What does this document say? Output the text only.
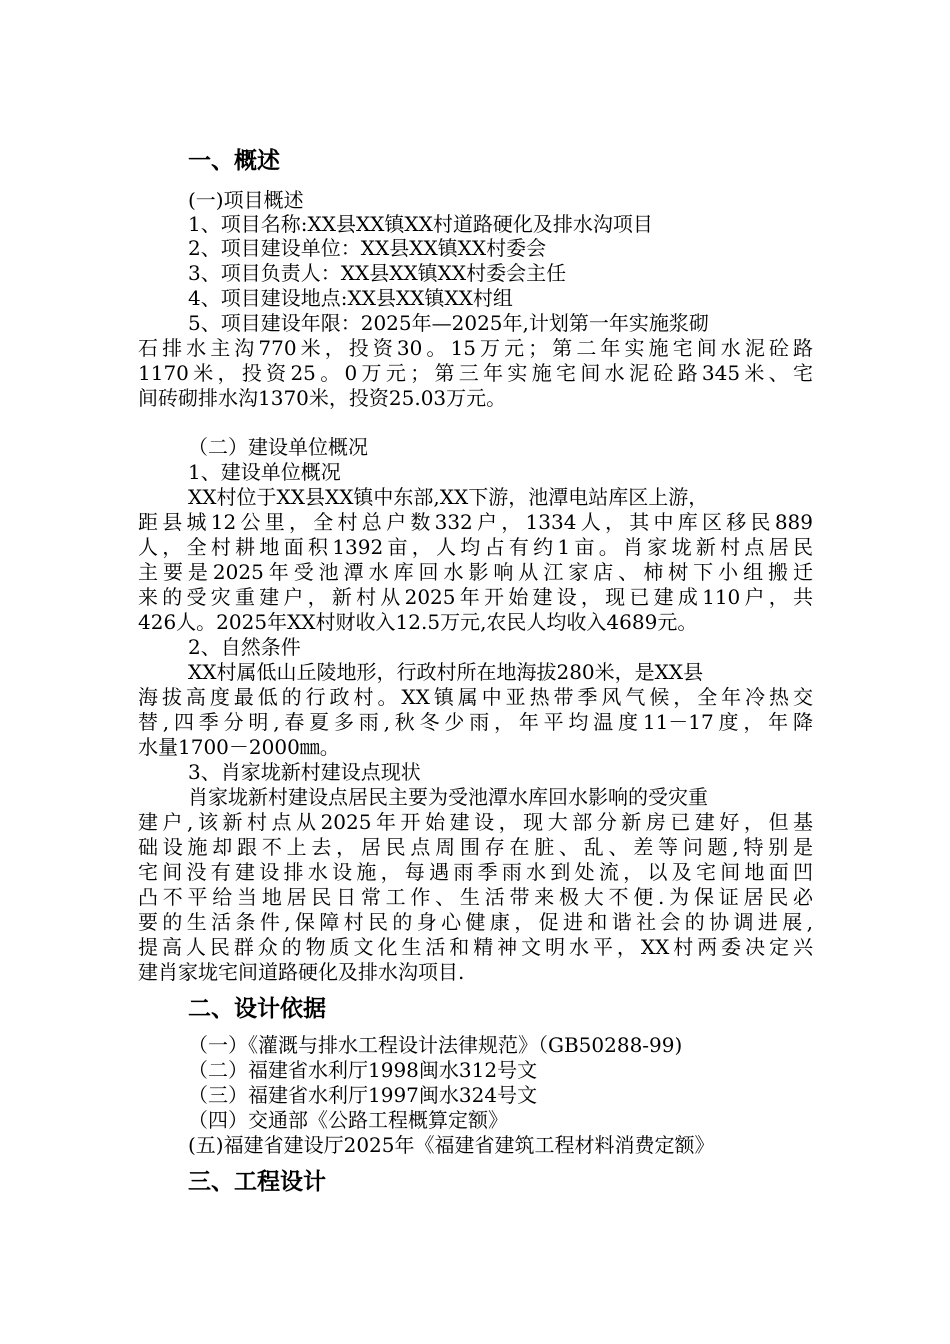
一、概述
(一)项目概述
1、项目名称:XX县XX镇XX村道路硬化及排水沟项目
2、项目建设单位：XX县XX镇XX村委会
3、项目负责人：XX县XX镇XX村委会主任
4、项目建设地点:XX县XX镇XX村组
5、项目建设年限：2025年—2025年,计划第一年实施浆砌
石排水主沟770米，投资30。15万元；第二年实施宅间水泥砼路
1170米，投资25。0万元；第三年实施宅间水泥砼路345米、宅
间砖砌排水沟1370米，投资25.03万元。
（二）建设单位概况
1、建设单位概况
XX村位于XX县XX镇中东部,XX下游，池潭电站库区上游，
距县城12公里，全村总户数332户，1334人，其中库区移民889
人，全村耕地面积1392亩，人均占有约1亩。肖家垅新村点居民
主要是2025年受池潭水库回水影响从江家店、柿树下小组搬迁
来的受灾重建户，新村从2025年开始建设，现已建成110户，共
426人。2025年XX村财收入12.5万元,农民人均收入4689元。
2、自然条件
XX村属低山丘陵地形，行政村所在地海拔280米，是XX县
海拔高度最低的行政村。XX镇属中亚热带季风气候，全年冷热交
替,四季分明,春夏多雨,秋冬少雨，年平均温度11－17度，年降
水量1700－2000㎜。
3、肖家垅新村建设点现状
肖家垅新村建设点居民主要为受池潭水库回水影响的受灾重
建户,该新村点从2025年开始建设，现大部分新房已建好，但基
础设施却跟不上去，居民点周围存在脏、乱、差等问题,特别是
宅间没有建设排水设施，每遇雨季雨水到处流，以及宅间地面凹
凸不平给当地居民日常工作、生活带来极大不便.为保证居民必
要的生活条件,保障村民的身心健康，促进和谐社会的协调进展,
提高人民群众的物质文化生活和精神文明水平，XX村两委决定兴
建肖家垅宅间道路硬化及排水沟项目.
二、设计依据
（一）《灌溉与排水工程设计法律规范》（GB50288-99)
（二）福建省水利厅1998闽水312号文
（三）福建省水利厅1997闽水324号文
（四）交通部《公路工程概算定额》
(五)福建省建设厅2025年《福建省建筑工程材料消费定额》
三、工程设计
